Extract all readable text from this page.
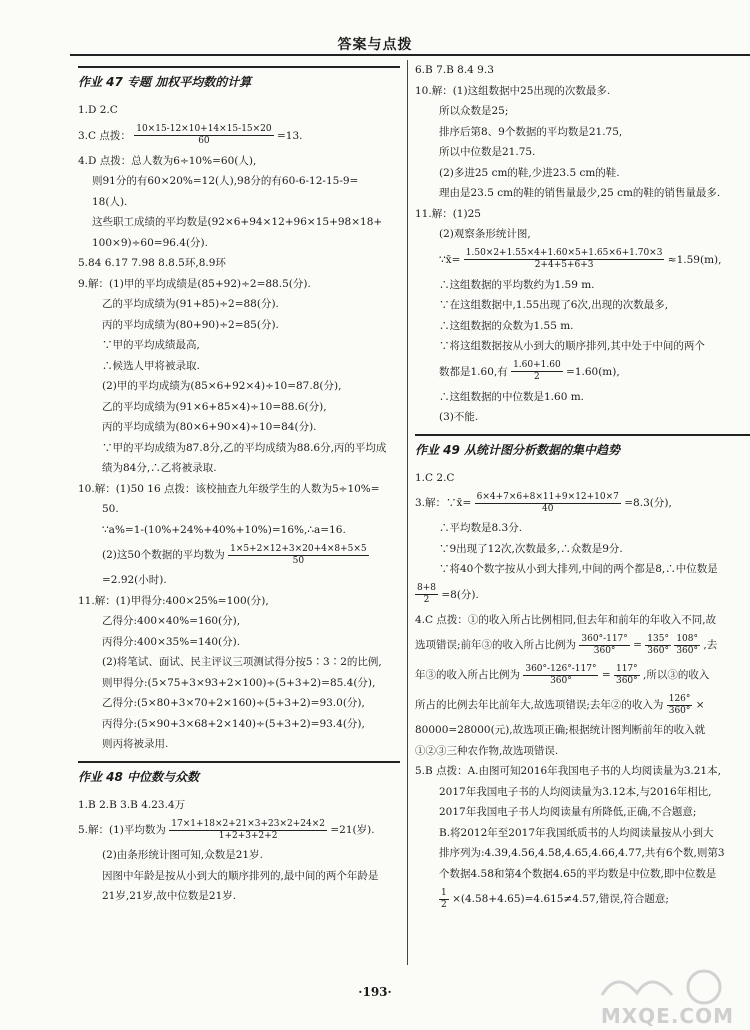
答案与点拨
作业 47 专题 加权平均数的计算
1.D 2.C
3.C 点拨： $\frac{10\times 15-12\times 10+14\times 15-15\times 20}{60} =13$.
4.D 点拨：总人数为6÷10%=60(人),
则91分的有60×20%=12(人),98分的有60-6-12-15-9=
18(人).
这些职工成绩的平均数是(92×6+94×12+96×15+98×18+
100×9)÷60=96.4(分).
5.84 6.17 7.98 8.8.5环,8.9环
9.解：(1)甲的平均成绩是(85+92)÷2=88.5(分).
乙的平均成绩为(91+85)÷2=88(分).
丙的平均成绩为(80+90)÷2=85(分).
∵甲的平均成绩最高,
∴候选人甲将被录取.
(2)甲的平均成绩为(85×6+92×4)÷10=87.8(分),
乙的平均成绩为(91×6+85×4)÷10=88.6(分),
丙的平均成绩为(80×6+90×4)÷10=84(分).
∵甲的平均成绩为87.8分,乙的平均成绩为88.6分,丙的平均成
绩为84分,∴乙将被录取.
10.解：(1)50 16 点拨：该校抽查九年级学生的人数为5÷10%=
50.
∵a%=1-(10%+24%+40%+10%)=16%,∴a=16.
(2)这50个数据的平均数为 $\frac{1\times 5+2\times 12+3\times 20+4\times 8+5\times 5}{50}$
=2.92(小时).
11.解：(1)甲得分:400×25%=100(分),
乙得分:400×40%=160(分),
丙得分:400×35%=140(分).
(2)将笔试、面试、民主评议三项测试得分按5∶3∶2的比例,
则甲得分:(5×75+3×93+2×100)÷(5+3+2)=85.4(分),
乙得分:(5×80+3×70+2×160)÷(5+3+2)=93.0(分),
丙得分:(5×90+3×68+2×140)÷(5+3+2)=93.4(分),
则丙将被录用.
作业 48 中位数与众数
1.B 2.B 3.B 4.23.4万
5.解：(1)平均数为 $\frac{17\times 1+18\times 2+21\times 3+23\times 2+24\times 2}{1+2+3+2+2} =21$(岁).
(2)由条形统计图可知,众数是21岁.
因图中年龄是按从小到大的顺序排列的,最中间的两个年龄是
21岁,21岁,故中位数是21岁.
6.B 7.B 8.4 9.3
10.解：(1)这组数据中25出现的次数最多.
所以众数是25;
排序后第8、9个数据的平均数是21.75,
所以中位数是21.75.
(2)多进25 cm的鞋,少进23.5 cm的鞋.
理由是23.5 cm的鞋的销售量最少,25 cm的鞋的销售量最多.
11.解：(1)25
(2)观察条形统计图,
∵x̄= $\frac{1.50\times 2+1.55\times 4+1.60\times 5+1.65\times 6+1.70\times 3}{2+4+5+6+3} \approx 1.59(m)$,
∴这组数据的平均数约为1.59 m.
∵在这组数据中,1.55出现了6次,出现的次数最多,
∴这组数据的众数为1.55 m.
∵将这组数据按从小到大的顺序排列,其中处于中间的两个
数都是1.60,有 $\frac{1.60+1.60}{2} =1.60(m)$,
∴这组数据的中位数是1.60 m.
(3)不能.
作业 49 从统计图分析数据的集中趋势
1.C 2.C
3.解：∵x̄= $\frac{6\times 4+7\times 6+8\times 11+9\times 12+10\times 7}{40} =8.3$(分),
∴平均数是8.3分.
∵9出现了12次,次数最多,∴众数是9分.
∵将40个数字按从小到大排列,中间的两个都是8,∴中位数是
$\frac{8+8}{2} =8$(分).
4.C 点拨：①的收入所占比例相同,但去年和前年的年收入不同,故
选项错误;前年③的收入所占比例为 $\frac{360^\circ-117^\circ}{360^\circ} = \frac{135^\circ}{360^\circ}$
$\frac{108^\circ}{360^\circ}$ ,去
年③的收入所占比例为 $\frac{360^\circ-126^\circ-117^\circ}{360^\circ} = \frac{117^\circ}{360^\circ}$ ,所以③的收入
所占的比例去年比前年大,故选项错误;去年②的收入为 $\frac{126^\circ}{360^\circ}$ ×
80000=28000(元),故选项正确;根据统计图判断前年的收入就
①②③三种农作物,故选项错误.
5.B 点拨：A.由图可知2016年我国电子书的人均阅读量为3.21本,
2017年我国电子书的人均阅读量为3.12本,与2016年相比,
2017年我国电子书人均阅读量有所降低,正确,不合题意;
B.将2012年至2017年我国纸质书的人均阅读量按从小到大
排序列为:4.39,4.56,4.58,4.65,4.66,4.77,共有6个数,则第3
个数据4.58和第4个数据4.65的平均数是中位数,即中位数是
$\frac{1}{2} \times(4.58+4.65)=4.615\ne 4.57$,错误,符合题意;
·193·
MXQE.COM
